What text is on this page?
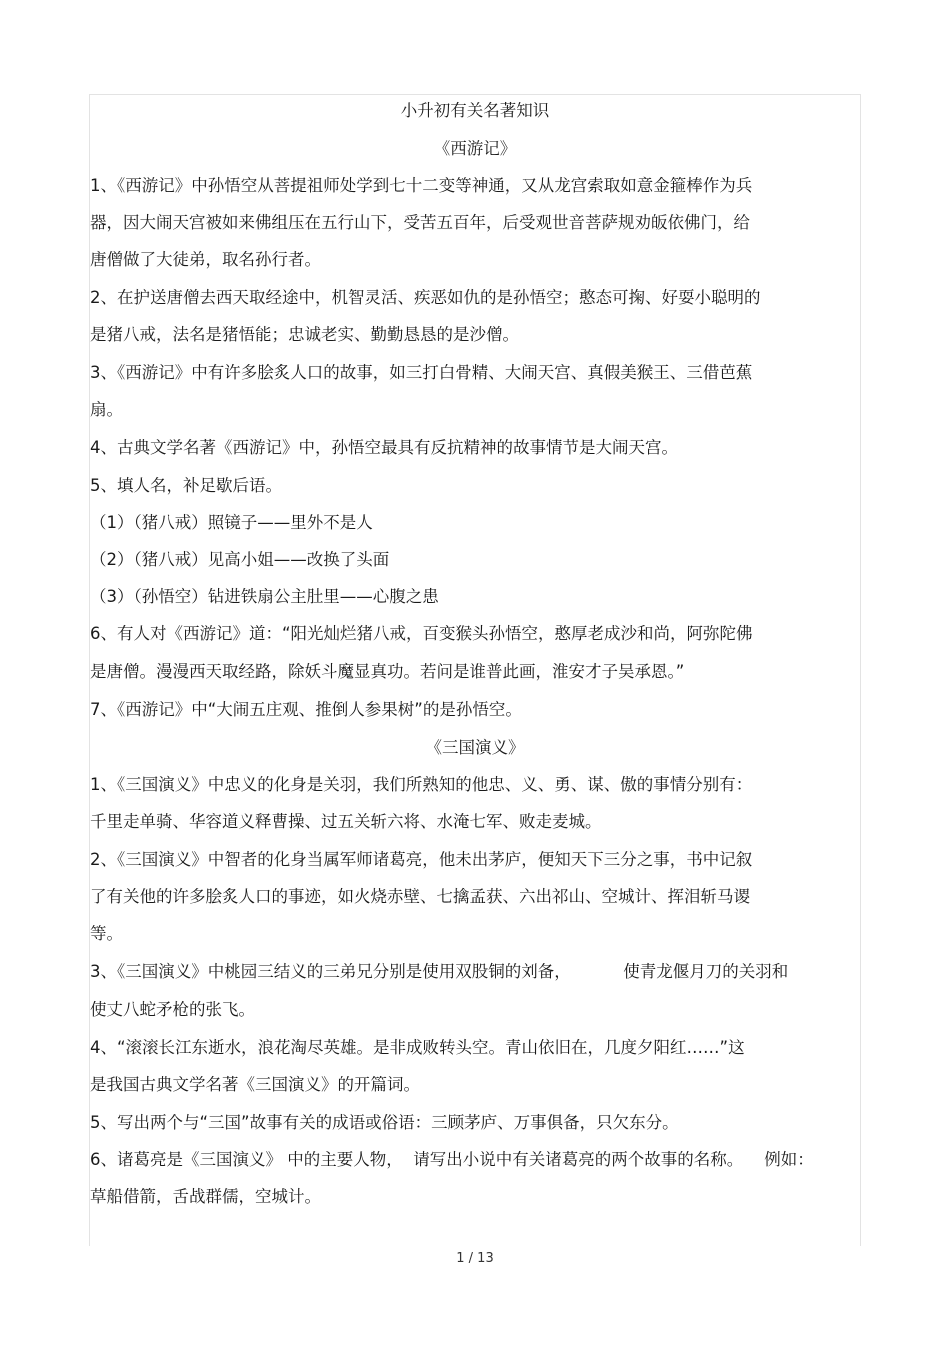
小升初有关名著知识
《西游记》
1、《西游记》中孙悟空从菩提祖师处学到七十二变等神通，又从龙宫索取如意金箍棒作为兵
器，因大闹天宫被如来佛组压在五行山下，受苦五百年，后受观世音菩萨规劝皈依佛门，给
唐僧做了大徒弟，取名孙行者。
2、在护送唐僧去西天取经途中，机智灵活、疾恶如仇的是孙悟空；憨态可掬、好耍小聪明的
是猪八戒，法名是猪悟能；忠诚老实、勤勤恳恳的是沙僧。
3、《西游记》中有许多脍炙人口的故事，如三打白骨精、大闹天宫、真假美猴王、三借芭蕉
扇。
4、古典文学名著《西游记》中，孙悟空最具有反抗精神的故事情节是大闹天宫。
5、填人名，补足歇后语。
（1）（猪八戒）照镜子——里外不是人
（2）（猪八戒）见高小姐——改换了头面
（3）（孙悟空）钻进铁扇公主肚里——心腹之患
6、有人对《西游记》道：“阳光灿烂猪八戒，百变猴头孙悟空，憨厚老成沙和尚，阿弥陀佛
是唐僧。漫漫西天取经路，除妖斗魔显真功。若问是谁普此画，淮安才子吴承恩。”
7、《西游记》中“大闹五庄观、推倒人参果树”的是孙悟空。
《三国演义》
1、《三国演义》中忠义的化身是关羽，我们所熟知的他忠、义、勇、谋、傲的事情分别有：
千里走单骑、华容道义释曹操、过五关斩六将、水淹七军、败走麦城。
2、《三国演义》中智者的化身当属军师诸葛亮，他未出茅庐，便知天下三分之事，书中记叙
了有关他的许多脍炙人口的事迹，如火烧赤壁、七擒孟获、六出祁山、空城计、挥泪斩马谡
等。
3、《三国演义》中桃园三结义的三弟兄分别是使用双股铜的刘备，          使青龙偃月刀的关羽和
使丈八蛇矛枪的张飞。
4、“滚滚长江东逝水，浪花淘尽英雄。是非成败转头空。青山依旧在，几度夕阳红……”这
是我国古典文学名著《三国演义》的开篇词。
5、写出两个与“三国”故事有关的成语或俗语：三顾茅庐、万事俱备，只欠东分。
6、诸葛亮是《三国演义》 中的主要人物，  请写出小说中有关诸葛亮的两个故事的名称。    例如：
草船借箭，舌战群儒，空城计。
1 / 13
